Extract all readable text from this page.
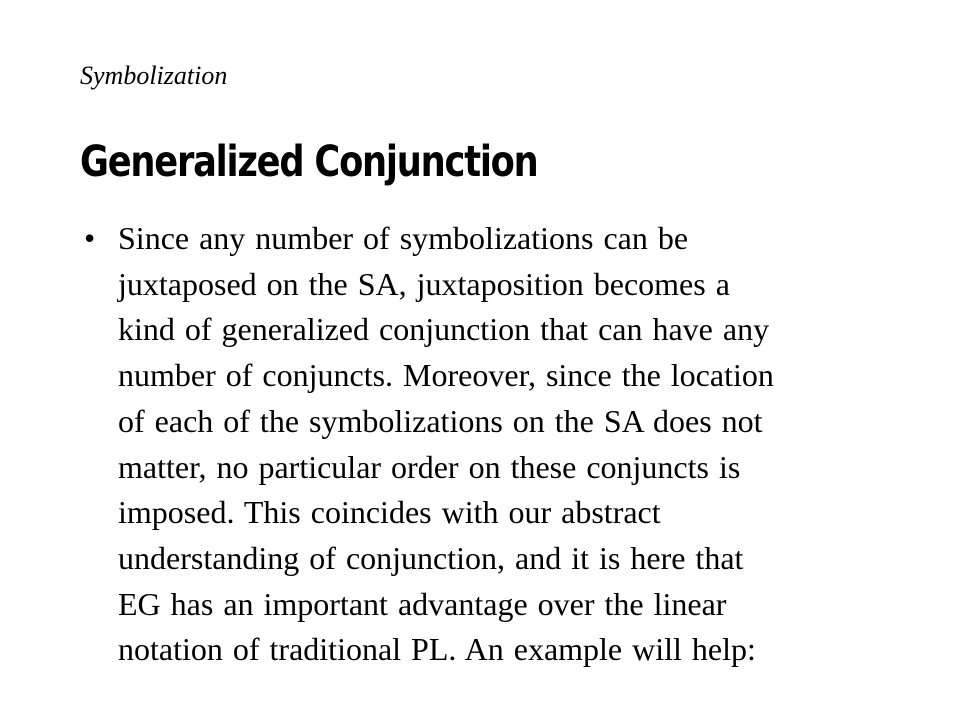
Symbolization
Generalized Conjunction
• Since any number of symbolizations can be
juxtaposed on the SA, juxtaposition becomes a
kind of generalized conjunction that can have any
number of conjuncts. Moreover, since the location
of each of the symbolizations on the SA does not
matter, no particular order on these conjuncts is
imposed. This coincides with our abstract
understanding of conjunction, and it is here that
EG has an important advantage over the linear
notation of traditional PL. An example will help:
